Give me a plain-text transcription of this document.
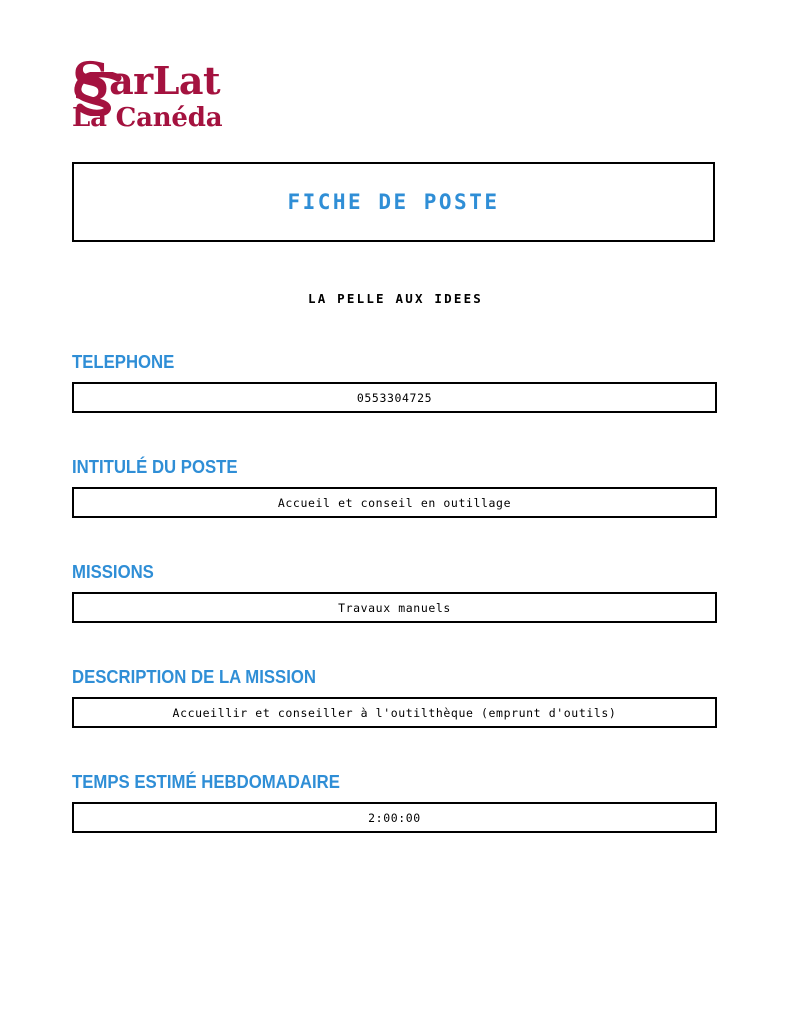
SarLat
La Canéda
FICHE DE POSTE
LA PELLE AUX IDEES
TELEPHONE
0553304725
INTITULÉ DU POSTE
Accueil et conseil en outillage
MISSIONS
Travaux manuels
DESCRIPTION DE LA MISSION
Accueillir et conseiller à l'outilthèque (emprunt d'outils)
TEMPS ESTIMÉ HEBDOMADAIRE
2:00:00
